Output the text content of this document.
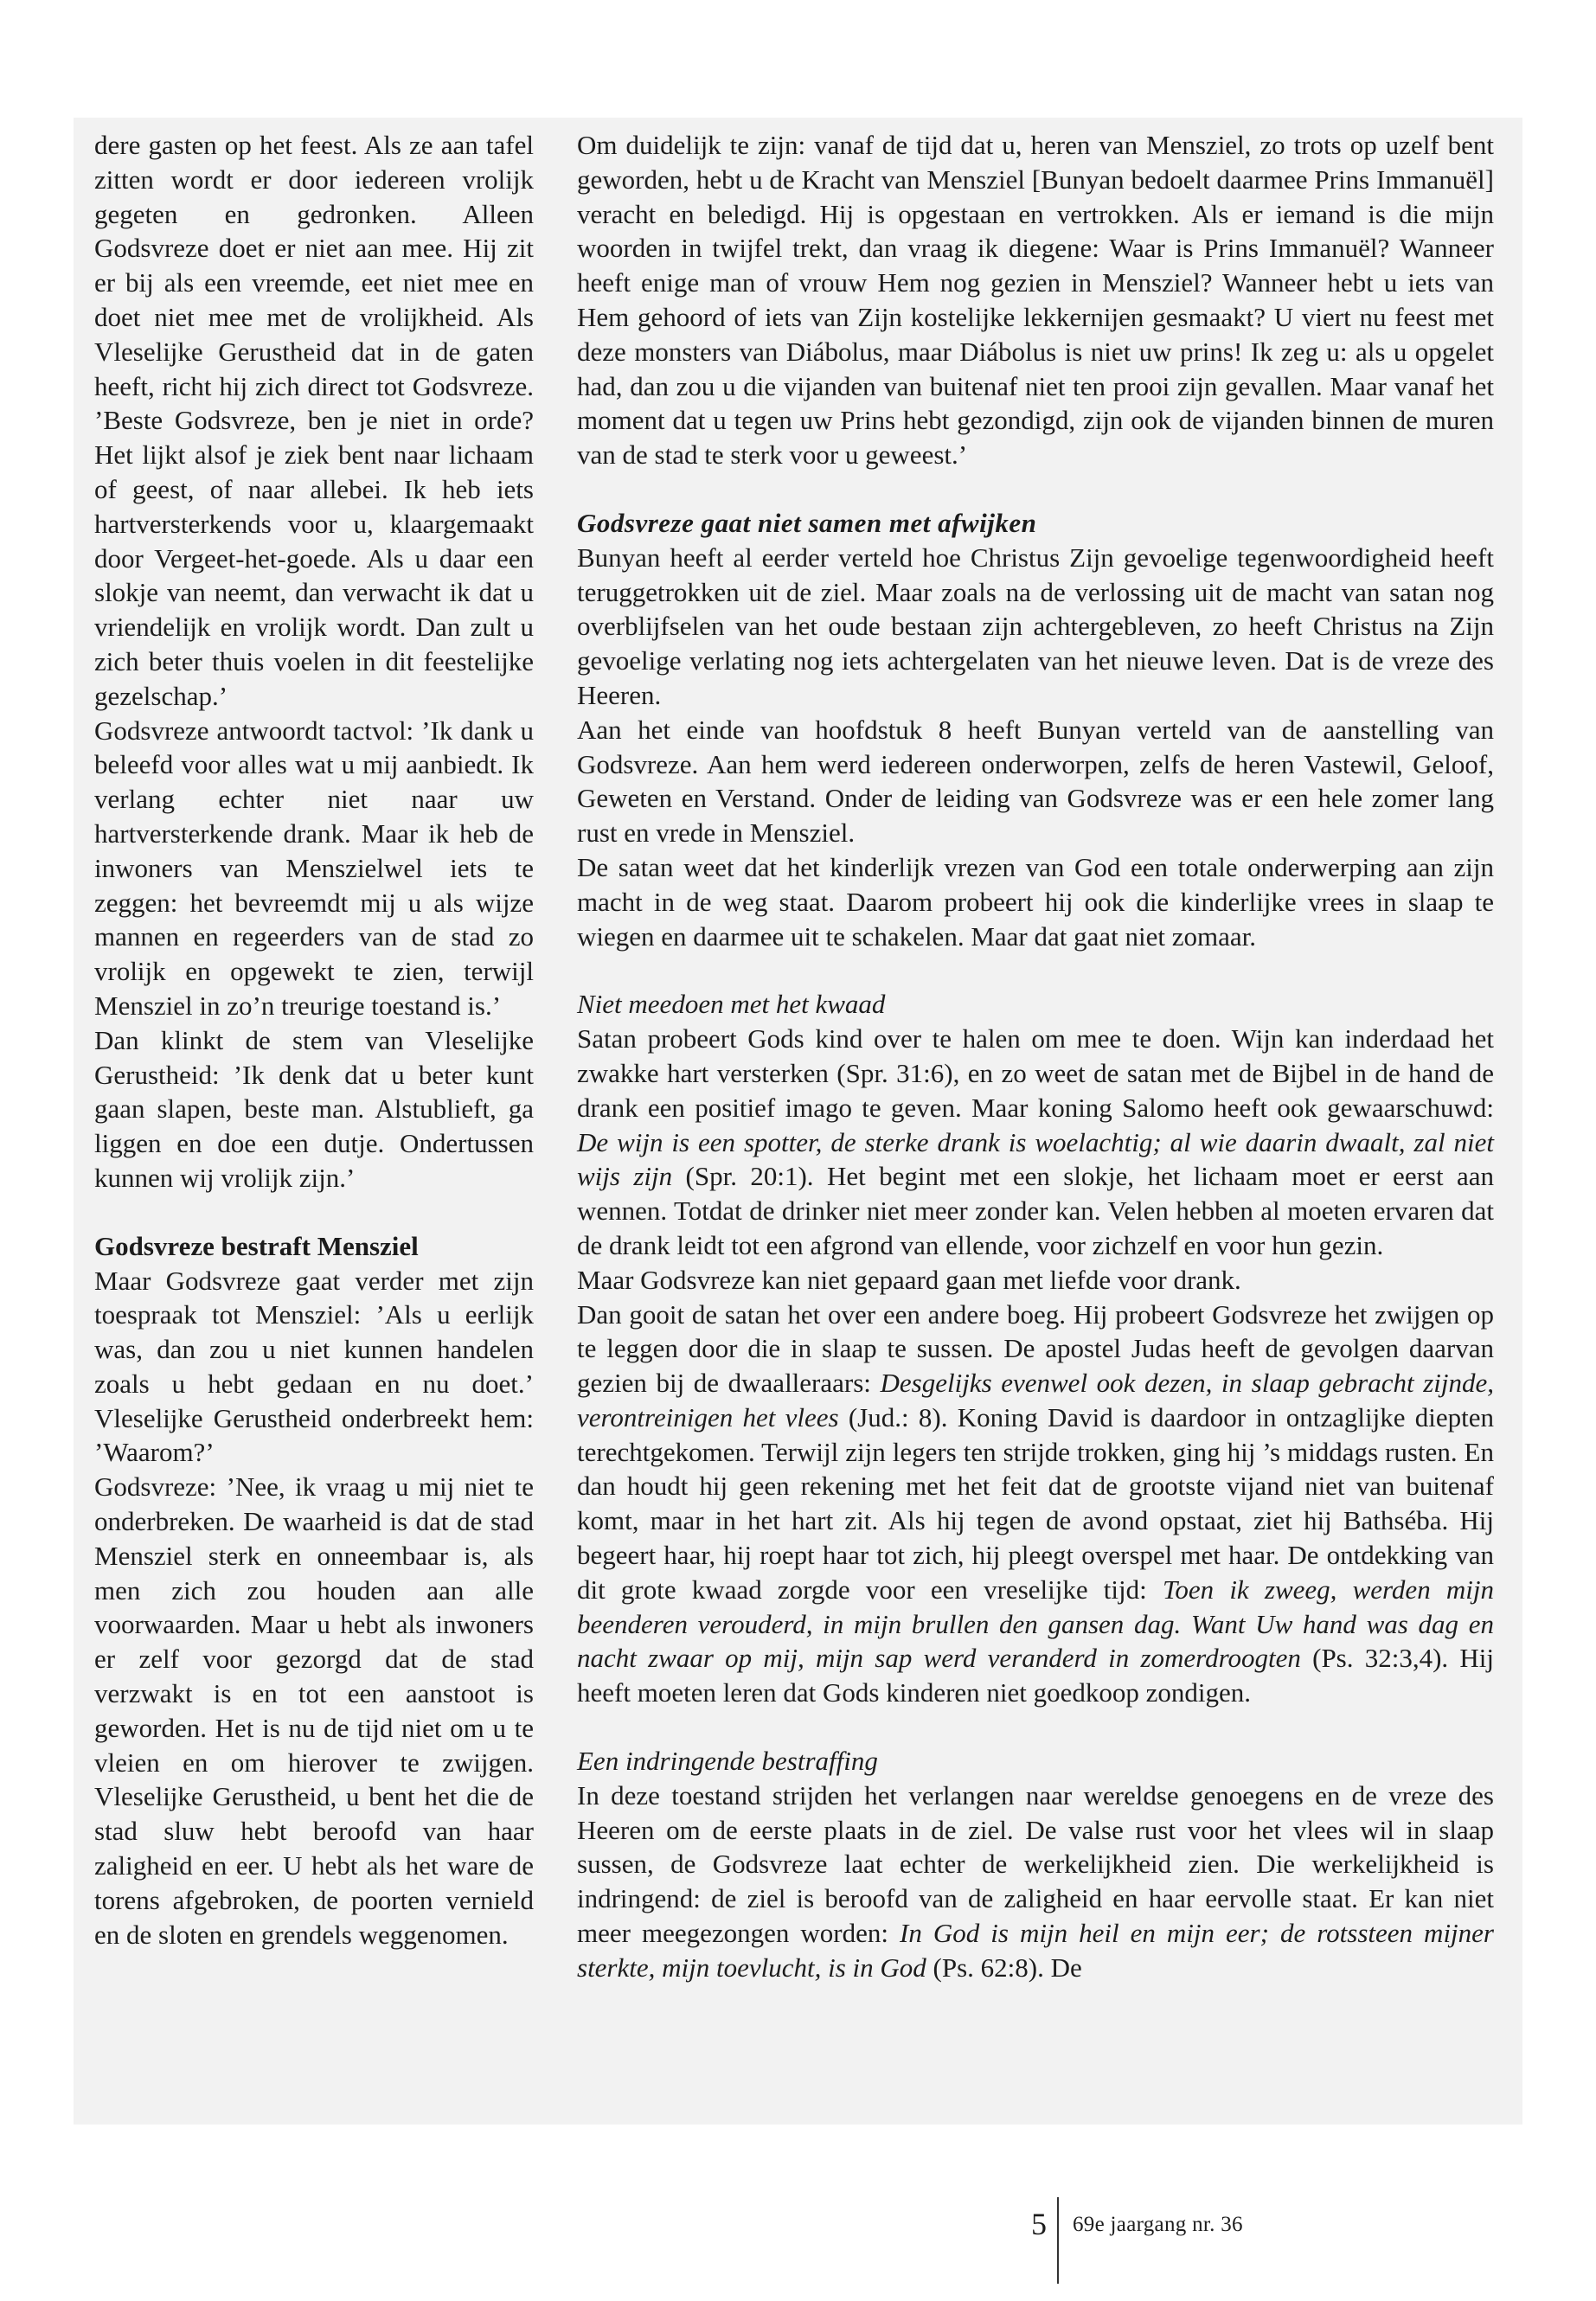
dere gasten op het feest. Als ze aan tafel zitten wordt er door iedereen vrolijk gegeten en gedronken. Alleen Godsvreze doet er niet aan mee. Hij zit er bij als een vreemde, eet niet mee en doet niet mee met de vrolijkheid. Als Vleselijke Gerustheid dat in de gaten heeft, richt hij zich direct tot Godsvreze. ’Beste Godsvreze, ben je niet in orde? Het lijkt alsof je ziek bent naar lichaam of geest, of naar allebei. Ik heb iets hartversterkends voor u, klaargemaakt door Vergeet-het-goede. Als u daar een slokje van neemt, dan verwacht ik dat u vriendelijk en vrolijk wordt. Dan zult u zich beter thuis voelen in dit feestelijke gezelschap.’

Godsvreze antwoordt tactvol: ’Ik dank u beleefd voor alles wat u mij aanbiedt. Ik verlang echter niet naar uw hartversterkende drank. Maar ik heb de inwoners van Menszielwel iets te zeggen: het bevreemdt mij u als wijze mannen en regeerders van de stad zo vrolijk en opgewekt te zien, terwijl Mensziel in zo’n treurige toestand is.’

Dan klinkt de stem van Vleselijke Gerustheid: ’Ik denk dat u beter kunt gaan slapen, beste man. Alstublieft, ga liggen en doe een dutje. Ondertussen kunnen wij vrolijk zijn.’

Godsvreze bestraft Mensziel

Maar Godsvreze gaat verder met zijn toespraak tot Mensziel: ’Als u eerlijk was, dan zou u niet kunnen handelen zoals u hebt gedaan en nu doet.’ Vleselijke Gerustheid onderbreekt hem: ’Waarom?’

Godsvreze: ’Nee, ik vraag u mij niet te onderbreken. De waarheid is dat de stad Mensziel sterk en onneembaar is, als men zich zou houden aan alle voorwaarden. Maar u hebt als inwoners er zelf voor gezorgd dat de stad verzwakt is en tot een aanstoot is geworden. Het is nu de tijd niet om u te vleien en om hierover te zwijgen. Vleselijke Gerustheid, u bent het die de stad sluw hebt beroofd van haar zaligheid en eer. U hebt als het ware de torens afgebroken, de poorten vernield en de sloten en grendels weggenomen.

Om duidelijk te zijn: vanaf de tijd dat u, heren van Mensziel, zo trots op uzelf bent geworden, hebt u de Kracht van Mensziel [Bunyan bedoelt daarmee Prins Immanuël] veracht en beledigd. Hij is opgestaan en vertrokken. Als er iemand is die mijn woorden in twijfel trekt, dan vraag ik diegene: Waar is Prins Immanuël? Wanneer heeft enige man of vrouw Hem nog gezien in Mensziel? Wanneer hebt u iets van Hem gehoord of iets van Zijn kostelijke lekkernijen gesmaakt? U viert nu feest met deze monsters van Diábolus, maar Diábolus is niet uw prins! Ik zeg u: als u opgelet had, dan zou u die vijanden van buitenaf niet ten prooi zijn gevallen. Maar vanaf het moment dat u tegen uw Prins hebt gezondigd, zijn ook de vijanden binnen de muren van de stad te sterk voor u geweest.’

Godsvreze gaat niet samen met afwijken

Bunyan heeft al eerder verteld hoe Christus Zijn gevoelige tegenwoordigheid heeft teruggetrokken uit de ziel. Maar zoals na de verlossing uit de macht van satan nog overblijfselen van het oude bestaan zijn achtergebleven, zo heeft Christus na Zijn gevoelige verlating nog iets achtergelaten van het nieuwe leven. Dat is de vreze des Heeren.

Aan het einde van hoofdstuk 8 heeft Bunyan verteld van de aanstelling van Godsvreze. Aan hem werd iedereen onderworpen, zelfs de heren Vastewil, Geloof, Geweten en Verstand. Onder de leiding van Godsvreze was er een hele zomer lang rust en vrede in Mensziel.

De satan weet dat het kinderlijk vrezen van God een totale onderwerping aan zijn macht in de weg staat. Daarom probeert hij ook die kinderlijke vrees in slaap te wiegen en daarmee uit te schakelen. Maar dat gaat niet zomaar.

Niet meedoen met het kwaad

Satan probeert Gods kind over te halen om mee te doen. Wijn kan inderdaad het zwakke hart versterken (Spr. 31:6), en zo weet de satan met de Bijbel in de hand de drank een positief imago te geven. Maar koning Salomo heeft ook gewaarschuwd: De wijn is een spotter, de sterke drank is woelachtig; al wie daarin dwaalt, zal niet wijs zijn (Spr. 20:1). Het begint met een slokje, het lichaam moet er eerst aan wennen. Totdat de drinker niet meer zonder kan. Velen hebben al moeten ervaren dat de drank leidt tot een afgrond van ellende, voor zichzelf en voor hun gezin.

Maar Godsvreze kan niet gepaard gaan met liefde voor drank.

Dan gooit de satan het over een andere boeg. Hij probeert Godsvreze het zwijgen op te leggen door die in slaap te sussen. De apostel Judas heeft de gevolgen daarvan gezien bij de dwaalleraars: Desgelijks evenwel ook dezen, in slaap gebracht zijnde, verontreinigen het vlees (Jud.: 8). Koning David is daardoor in ontzaglijke diepten terechtgekomen. Terwijl zijn legers ten strijde trokken, ging hij ’s middags rusten. En dan houdt hij geen rekening met het feit dat de grootste vijand niet van buitenaf komt, maar in het hart zit. Als hij tegen de avond opstaat, ziet hij Bathséba. Hij begeert haar, hij roept haar tot zich, hij pleegt overspel met haar. De ontdekking van dit grote kwaad zorgde voor een vreselijke tijd: Toen ik zweeg, werden mijn beenderen verouderd, in mijn brullen den gansen dag. Want Uw hand was dag en nacht zwaar op mij, mijn sap werd veranderd in zomerdroogten (Ps. 32:3,4). Hij heeft moeten leren dat Gods kinderen niet goedkoop zondigen.

Een indringende bestraffing

In deze toestand strijden het verlangen naar wereldse genoegens en de vreze des Heeren om de eerste plaats in de ziel. De valse rust voor het vlees wil in slaap sussen, de Godsvreze laat echter de werkelijkheid zien. Die werkelijkheid is indringend: de ziel is beroofd van de zaligheid en haar eervolle staat. Er kan niet meer meegezongen worden: In God is mijn heil en mijn eer; de rotssteen mijner sterkte, mijn toevlucht, is in God (Ps. 62:8). De

5 69e jaargang nr. 36
